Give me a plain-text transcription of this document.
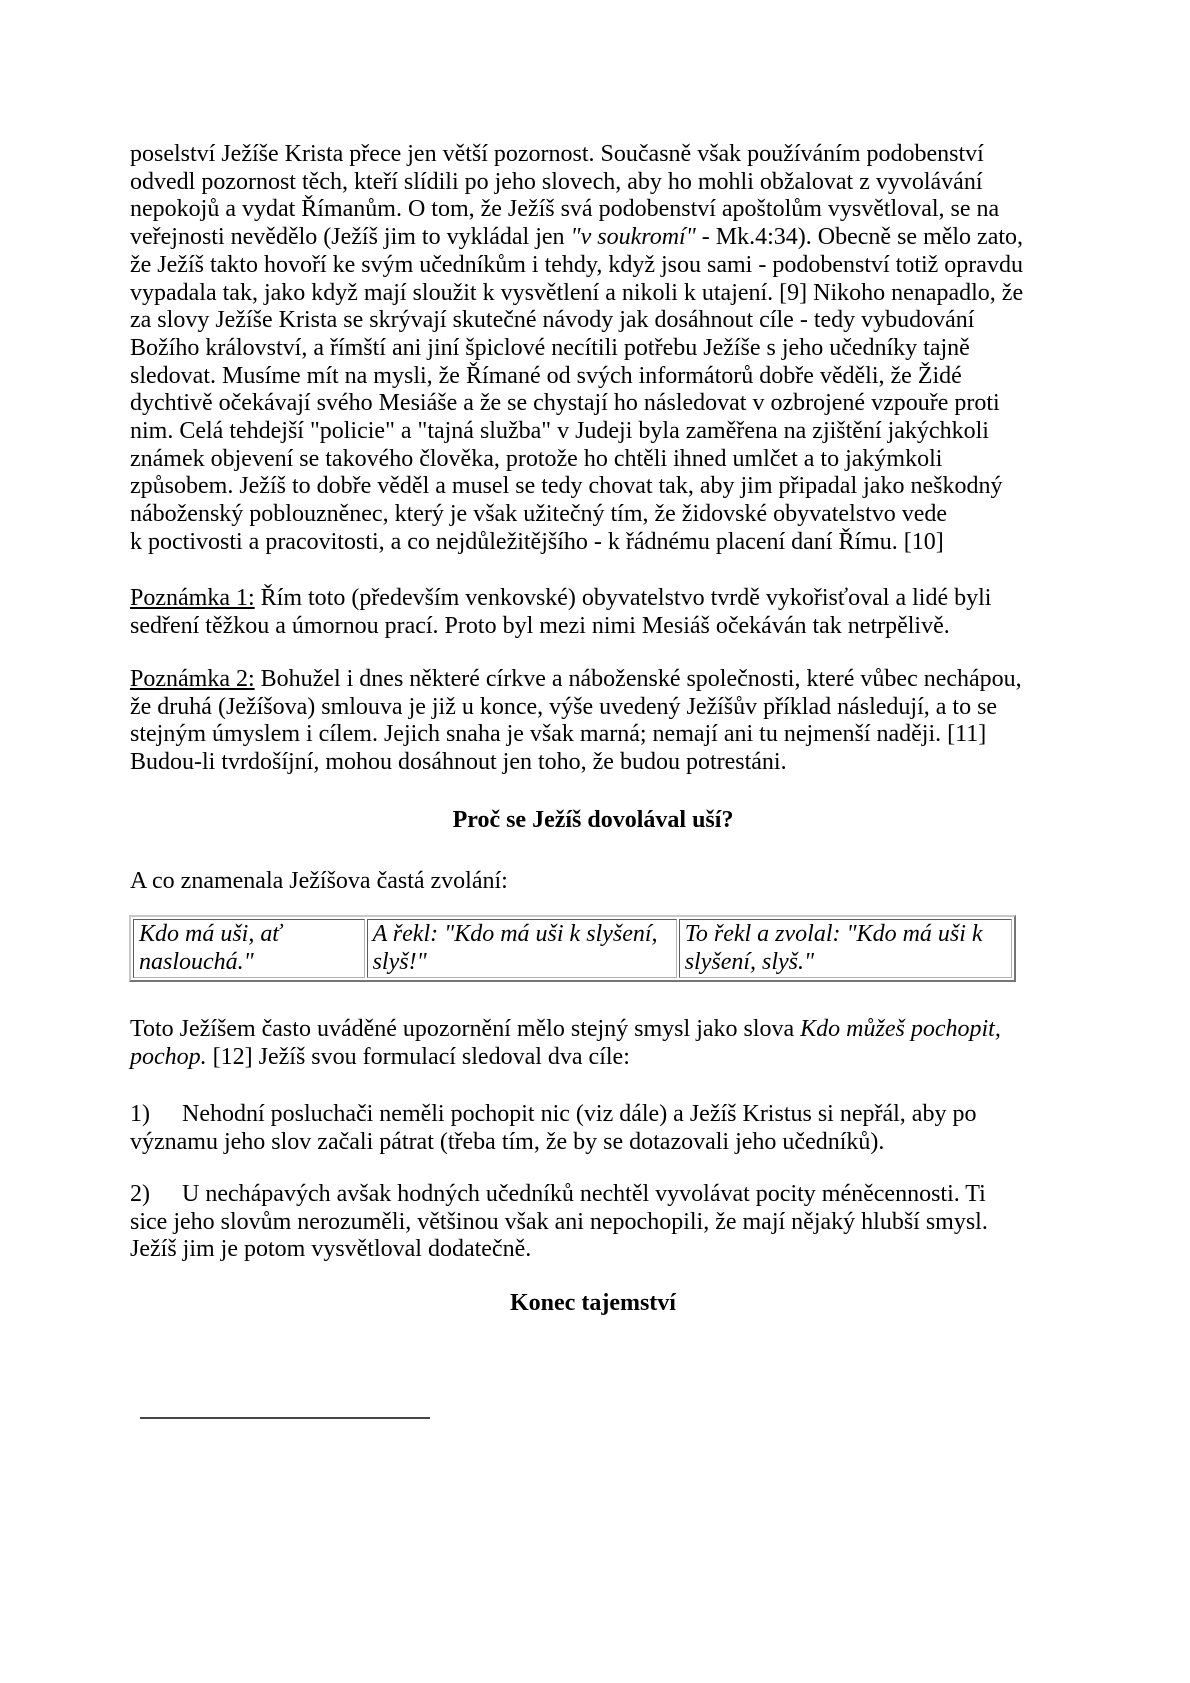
poselství Ježíše Krista přece jen větší pozornost. Současně však používáním podobenství
odvedl pozornost těch, kteří slídili po jeho slovech, aby ho mohli obžalovat z vyvolávání
nepokojů a vydat Římanům. O tom, že Ježíš svá podobenství apoštolům vysvětloval, se na
veřejnosti nevědělo (Ježíš jim to vykládal jen "v soukromí" - Mk.4:34). Obecně se mělo zato,
že Ježíš takto hovoří ke svým učedníkům i tehdy, když jsou sami - podobenství totiž opravdu
vypadala tak, jako když mají sloužit k vysvětlení a nikoli k utajení. [9] Nikoho nenapadlo, že
za slovy Ježíše Krista se skrývají skutečné návody jak dosáhnout cíle - tedy vybudování
Božího království, a římští ani jiní špiclové necítili potřebu Ježíše s jeho učedníky tajně
sledovat. Musíme mít na mysli, že Římané od svých informátorů dobře věděli, že Židé
dychtivě očekávají svého Mesiáše a že se chystají ho následovat v ozbrojené vzpouře proti
nim. Celá tehdejší "policie" a "tajná služba" v Judeji byla zaměřena na zjištění jakýchkoli
známek objevení se takového člověka, protože ho chtěli ihned umlčet a to jakýmkoli
způsobem. Ježíš to dobře věděl a musel se tedy chovat tak, aby jim připadal jako neškodný
náboženský poblouzněnec, který je však užitečný tím, že židovské obyvatelstvo vede
k poctivosti a pracovitosti, a co nejdůležitějšího - k řádnému placení daní Římu. [10]
Poznámka 1: Řím toto (především venkovské) obyvatelstvo tvrdě vykořisťoval a lidé byli
sedření těžkou a úmornou prací. Proto byl mezi nimi Mesiáš očekáván tak netrpělivě.
Poznámka 2: Bohužel i dnes některé církve a náboženské společnosti, které vůbec nechápou,
že druhá (Ježíšova) smlouva je již u konce, výše uvedený Ježíšův příklad následují, a to se
stejným úmyslem i cílem. Jejich snaha je však marná; nemají ani tu nejmenší naději. [11]
Budou-li tvrdošíjní, mohou dosáhnout jen toho, že budou potrestáni.
Proč se Ježíš dovolával uší?
A co znamenala Ježíšova častá zvolání:
Kdo má uši, ať
naslouchá."

A řekl: "Kdo má uši k slyšení,
slyš!"

To řekl a zvolal: "Kdo má uši k
slyšení, slyš."
Toto Ježíšem často uváděné upozornění mělo stejný smysl jako slova Kdo můžeš pochopit,
pochop. [12] Ježíš svou formulací sledoval dva cíle:
1) Nehodní posluchači neměli pochopit nic (viz dále) a Ježíš Kristus si nepřál, aby po
významu jeho slov začali pátrat (třeba tím, že by se dotazovali jeho učedníků).
2) U nechápavých avšak hodných učedníků nechtěl vyvolávat pocity méněcennosti. Ti
sice jeho slovům nerozuměli, většinou však ani nepochopili, že mají nějaký hlubší smysl.
Ježíš jim je potom vysvětloval dodatečně.
Konec tajemství
